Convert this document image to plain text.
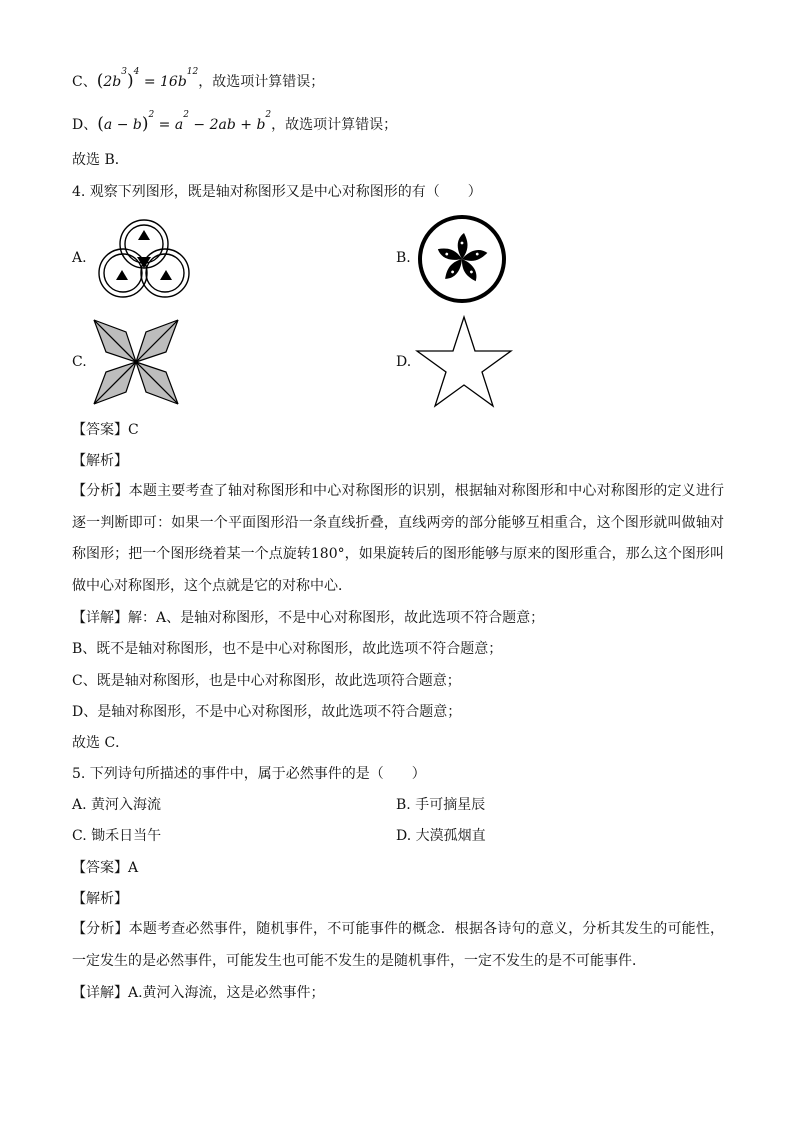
C、$(2b^3)^4 = 16b^{12}$，故选项计算错误；
D、$(a - b)^2 = a^2 - 2ab + b^2$，故选项计算错误；
故选 B．
4. 观察下列图形，既是轴对称图形又是中心对称图形的有（　　）
A.	B.
C.	D.
【答案】C
【解析】
【分析】本题主要考查了轴对称图形和中心对称图形的识别，根据轴对称图形和中心对称图形的定义进行逐一判断即可：如果一个平面图形沿一条直线折叠，直线两旁的部分能够互相重合，这个图形就叫做轴对称图形；把一个图形绕着某一个点旋转180°，如果旋转后的图形能够与原来的图形重合，那么这个图形叫做中心对称图形，这个点就是它的对称中心．
【详解】解：A、是轴对称图形，不是中心对称图形，故此选项不符合题意；
B、既不是轴对称图形，也不是中心对称图形，故此选项不符合题意；
C、既是轴对称图形，也是中心对称图形，故此选项符合题意；
D、是轴对称图形，不是中心对称图形，故此选项不符合题意；
故选 C．
5. 下列诗句所描述的事件中，属于必然事件的是（　　）
A. 黄河入海流	B. 手可摘星辰
C. 锄禾日当午	D. 大漠孤烟直
【答案】A
【解析】
【分析】本题考查必然事件，随机事件，不可能事件的概念．根据各诗句的意义，分析其发生的可能性，一定发生的是必然事件，可能发生也可能不发生的是随机事件，一定不发生的是不可能事件．
【详解】A.黄河入海流，这是必然事件；
